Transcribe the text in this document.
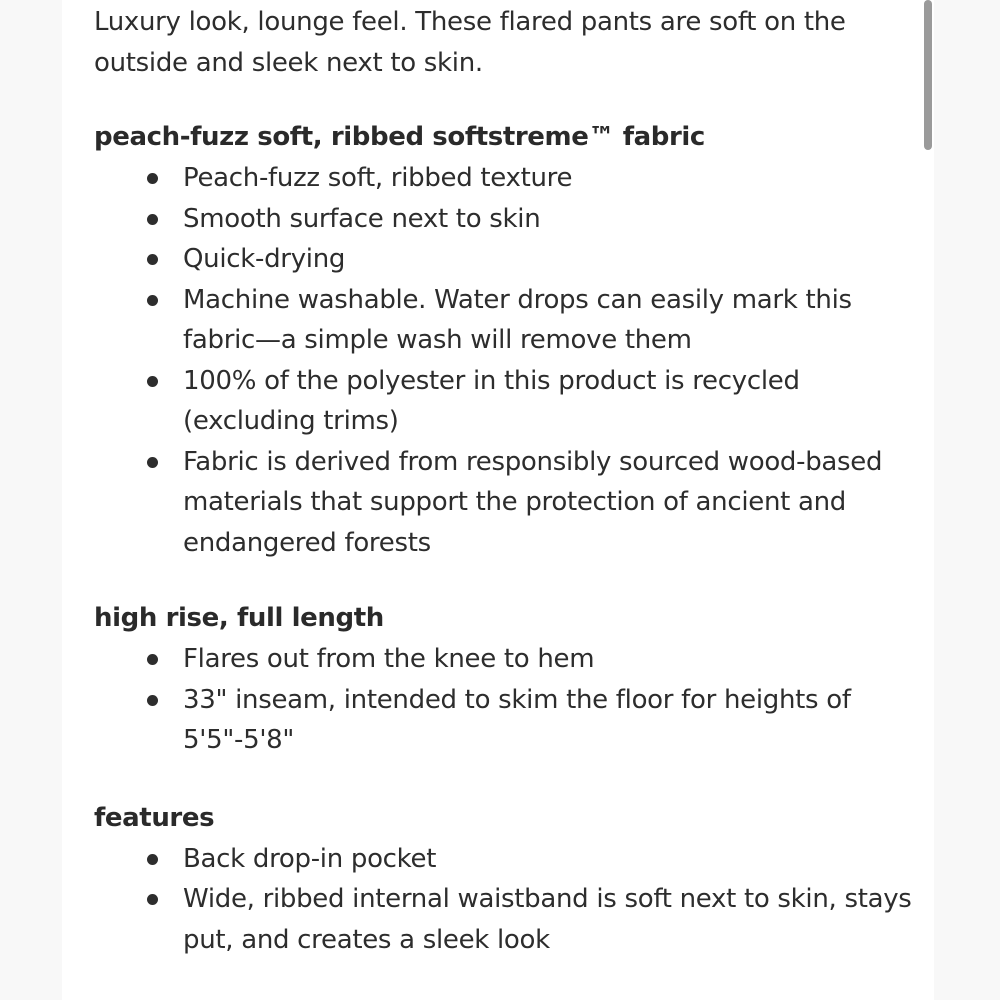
Luxury look, lounge feel. These flared pants are soft on the outside and sleek next to skin.

peach-fuzz soft, ribbed softstreme™ fabric
Peach-fuzz soft, ribbed texture
Smooth surface next to skin
Quick-drying
Machine washable. Water drops can easily mark this fabric—a simple wash will remove them
100% of the polyester in this product is recycled (excluding trims)
Fabric is derived from responsibly sourced wood-based materials that support the protection of ancient and endangered forests
high rise, full length
Flares out from the knee to hem
33" inseam, intended to skim the floor for heights of 5'5"-5'8"
features
Back drop-in pocket
Wide, ribbed internal waistband is soft next to skin, stays put, and creates a sleek look
